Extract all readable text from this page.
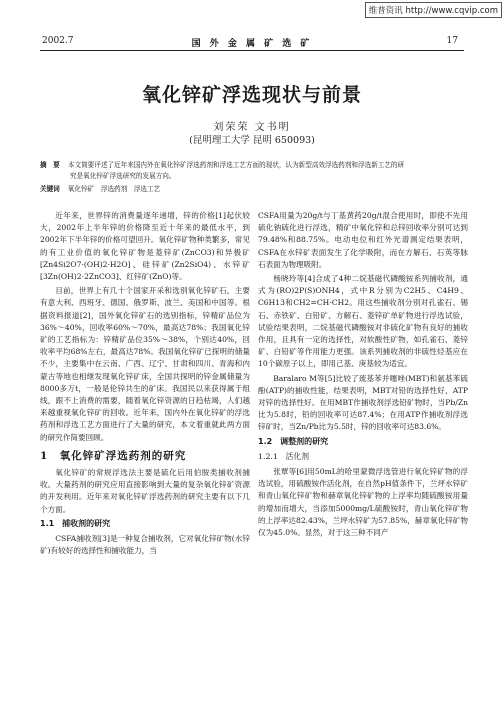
维普资讯 http://www.cqvip.com
2002.7	国 外 金 属 矿 选 矿	17
氧化锌矿浮选现状与前景
刘荣荣 文书明
(昆明理工大学 昆明 650093)
摘　要 本文简要评述了近年来国内外在氧化锌矿浮选药剂和浮选工艺方面的现状，认为新型高效浮选药剂和浮选新工艺的研
究是氧化锌矿浮选研究的发展方向。
关键词 氧化锌矿　浮选药剂　浮选工艺

近年来，世界锌的消费量逐年递增，锌的价格[1]起伏较大，2002年上半年锌的价格降至近十年来的最低水平，到2002年下半年锌的价格可望回升。氧化锌矿物种类繁多，常见的有工业价值的氧化锌矿物是菱锌矿(ZnCO3)和异极矿[Zn4Si2O7·(OH)2·H2O]、硅锌矿(Zn2SiO4)、水锌矿[3Zn(OH)2·2ZnCO3]、红锌矿(ZnO)等。

目前，世界上有几十个国家开采和选别氧化锌矿石，主要有意大利、西班牙、德国、俄罗斯、波兰、美国和中国等。根据资料报道[2]，国外氧化锌矿石的选别指标，锌精矿品位为36%～40%，回收率60%～70%，最高达78%；我国氧化锌矿的工艺指标为：锌精矿品位35%～38%，个别达40%，回收率平均68%左右，最高达78%。我国氧化锌矿已探明的储量不少，主要集中在云南、广西、辽宁、甘肃和四川、青海和内蒙古等地也相继发现氧化锌矿床，全国共探明的锌金属储量为8000多万t，一般是伦锌共生的矿床。我国民以来获得属于组线，跟不上消费的需要，随着氧化锌资源的日趋枯竭，人们越来越重视氧化锌矿的回收。近年来，国内外在氧化锌矿的浮选药剂和浮选工艺方面进行了大量的研究，本文着重就此两方面的研究作简要回顾。

1　氧化锌矿浮选药剂的研究

氧化锌矿的常规浮选法主要是硫化后用伯胺类捕收剂捕收。大量药剂的研究应用直接影响到大量的复杂氧化锌矿资源的开发利用。近年来对氧化锌矿浮选药剂的研究主要有以下几个方面。

1.1　捕收剂的研究

CSFA捕收剂[3]是一种复合捕收剂，它对氧化锌矿物(水锌矿)有较好的选择性和捕收能力，当

CSFA用量为20g/t与丁基黄药20g/t混合使用时，即使不先用硫化钠硫化进行浮选，精矿中氧化锌和总锌回收率分别可达到79.48%和88.75%。电动电位和红外光谱测定结果表明，CSFA在水锌矿表面发生了化学吸附，而在方解石、石英等脉石表面为物理吸附。

杨晓玲等[4]合成了4种二烷基磁代磷酸铵系列捕收剂，通式为(RO)2P(S)ONH4，式中R分别为C2H5、C4H9、C6H13和CH2=CH-CH2。用这些捕收剂分别对孔雀石、锡石、赤铁矿、白铅矿、方解石、菱锌矿单矿物进行浮选试验，试验结果表明，二烷基磁代磷酸铵对非硫化矿物有良好的捕收作用，且具有一定的选择性，对软酸性矿物，如孔雀石、菱锌矿、白铅矿等作用能力更强。该系列捕收剂的非硫性烃基应在10个碳原子以上，即用己基、庚基较为适宜。

Baralaro M等[5]比较了巯基苯并噻唑(MBT)和氨基苯硫酚(ATP)的捕收性能，结果表明，MBT对铅的选择性好，ATP对锌的选择性好。在用MBT作捕收剂浮选铅矿物时，当Pb/Zn比为5.8时，铅的回收率可达87.4%；在用ATP作捕收剂浮选锌矿时，当Zn/Pb比为5.5时，锌的回收率可达83.6%。

1.2　调整剂的研究
1.2.1　活化剂

张覃等[6]用50mL的哈里蒙微浮选管进行氧化锌矿物的浮选试验，用硫酸铵作活化剂，在自然pH值条件下，兰坪水锌矿和青山氧化锌矿物和赫章氧化锌矿物的上浮率均随硫酸铵用量的增加而增大，当添加5000mg/L硫酸铵时，青山氧化锌矿物的上浮率达82.43%，兰坪水锌矿为57.85%，赫章氧化锌矿物仅为45.0%。显然，对于这三种不同产
